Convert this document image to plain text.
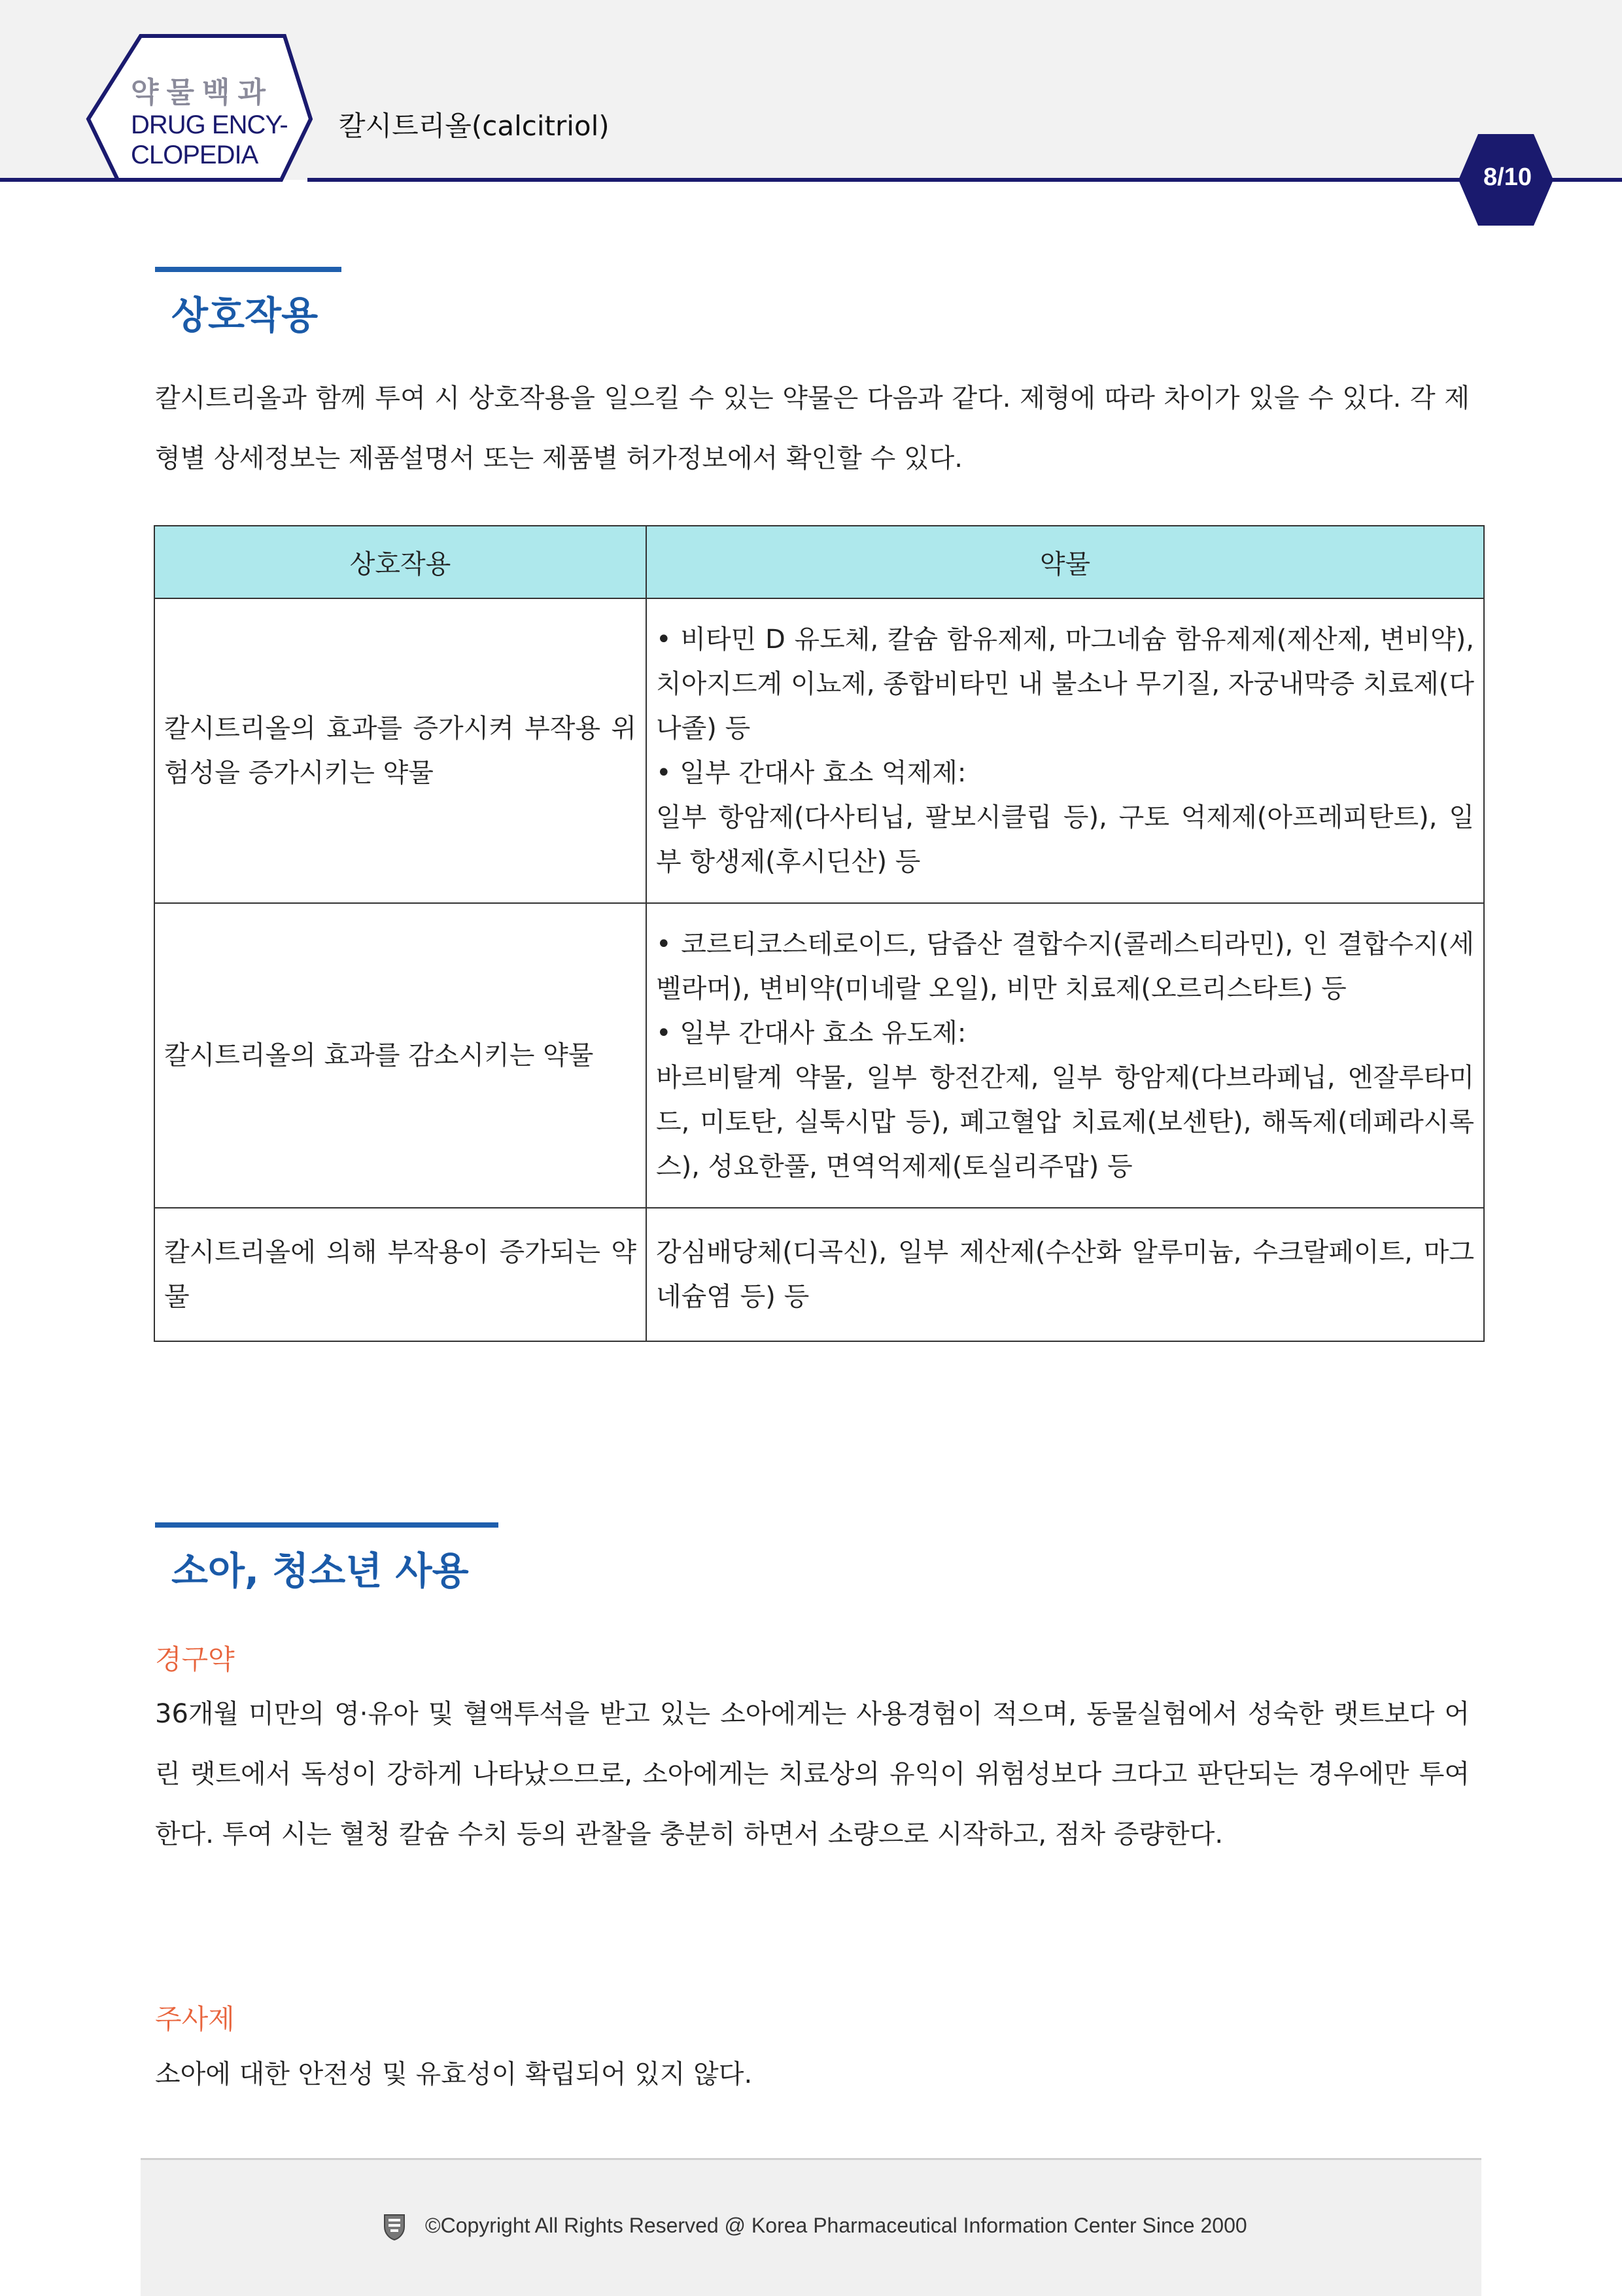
약물백과
DRUG ENCY-
CLOPEDIA
칼시트리올(calcitriol)
8/10
상호작용
칼시트리올과 함께 투여 시 상호작용을 일으킬 수 있는 약물은 다음과 같다. 제형에 따라 차이가 있을 수 있다. 각 제형별 상세정보는 제품설명서 또는 제품별 허가정보에서 확인할 수 있다.
상호작용	약물
칼시트리올의 효과를 증가시켜 부작용 위험성을 증가시키는 약물	• 비타민 D 유도체, 칼슘 함유제제, 마그네슘 함유제제(제산제, 변비약), 치아지드계 이뇨제, 종합비타민 내 불소나 무기질, 자궁내막증 치료제(다나졸) 등
• 일부 간대사 효소 억제제:
일부 항암제(다사티닙, 팔보시클립 등), 구토 억제제(아프레피탄트), 일부 항생제(후시딘산) 등

칼시트리올의 효과를 감소시키는 약물	• 코르티코스테로이드, 담즙산 결합수지(콜레스티라민), 인 결합수지(세벨라머), 변비약(미네랄 오일), 비만 치료제(오르리스타트) 등
• 일부 간대사 효소 유도제:
바르비탈계 약물, 일부 항전간제, 일부 항암제(다브라페닙, 엔잘루타미드, 미토탄, 실툭시맙 등), 폐고혈압 치료제(보센탄), 해독제(데페라시록스), 성요한풀, 면역억제제(토실리주맙) 등

칼시트리올에 의해 부작용이 증가되는 약물	강심배당체(디곡신), 일부 제산제(수산화 알루미늄, 수크랄페이트, 마그네슘염 등) 등
소아, 청소년 사용
경구약
36개월 미만의 영·유아 및 혈액투석을 받고 있는 소아에게는 사용경험이 적으며, 동물실험에서 성숙한 랫트보다 어린 랫트에서 독성이 강하게 나타났으므로, 소아에게는 치료상의 유익이 위험성보다 크다고 판단되는 경우에만 투여한다. 투여 시는 혈청 칼슘 수치 등의 관찰을 충분히 하면서 소량으로 시작하고, 점차 증량한다.
주사제
소아에 대한 안전성 및 유효성이 확립되어 있지 않다.
©Copyright All Rights Reserved @ Korea Pharmaceutical Information Center Since 2000
